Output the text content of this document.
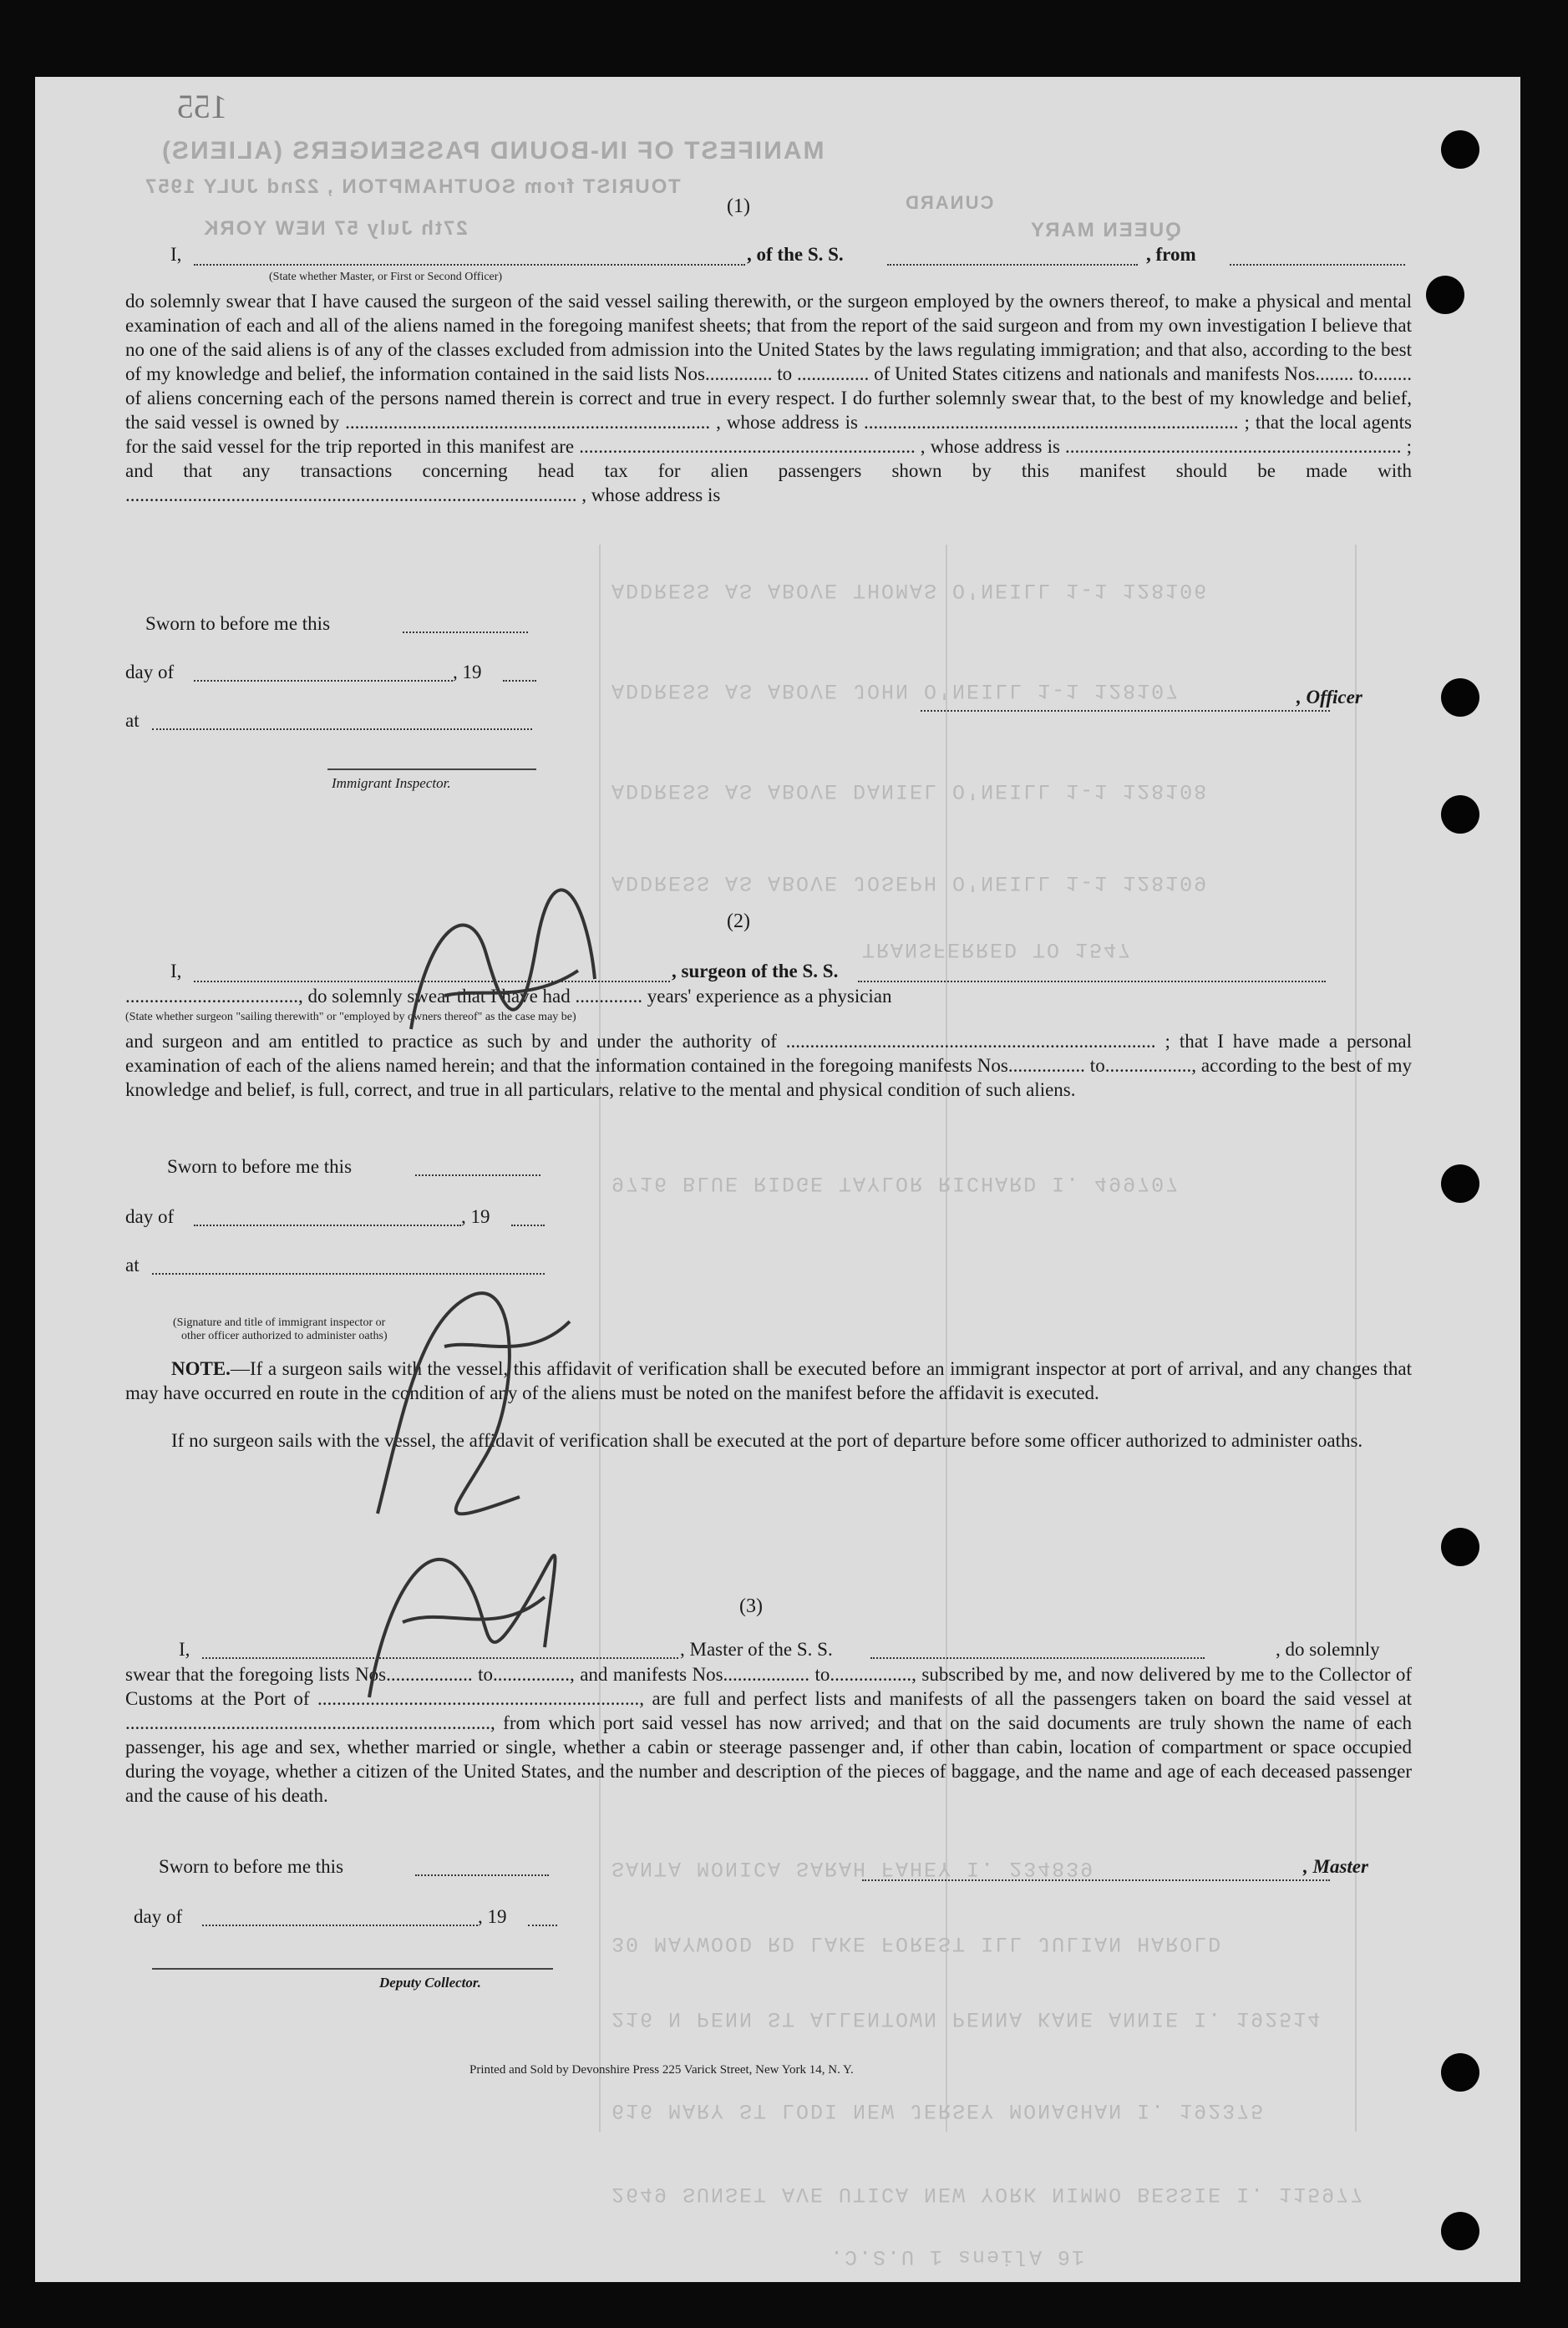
155
MANIFEST OF IN-BOUND PASSENGERS (ALIENS)
TOURIST from SOUTHAMPTON , 22nd JULY 1957
27th July 57 NEW YORK	QUEEN MARY
CUNARD
ADDRESS AS ABOVE THOMAS O'NEILL 1-1 128106
ADDRESS AS ABOVE JOHN O'NEILL 1-1 128107
ADDRESS AS ABOVE DANIEL O'NEILL 1-1 128108
ADDRESS AS ABOVE JOSEPH O'NEILL 1-1 128109
TRANSFERRED TO 1547
9716 BLUE RIDGE TAYLOR RICHARD I. 499707
SANTA MONICA SARAH FAHEY I. 234839
30 MAYWOOD RD LAKE FOREST ILL JULIAN HAROLD
216 N PENN ST ALLENTOWN PENNA KANE ANNIE I. 192514
616 MARY ST LODI NEW JERSEY MONAGHAN I. 192375
2649 SUNSET AVE UTICA NEW YORK NIMMO BESSIE I. 115977
(1)
I,	, of the S. S.	, from
(State whether Master, or First or Second Officer)
do solemnly swear that I have caused the surgeon of the said vessel sailing therewith, or the surgeon employed by the owners thereof, to make a physical and mental examination of each and all of the aliens named in the foregoing manifest sheets; that from the report of the said surgeon and from my own investigation I believe that no one of the said aliens is of any of the classes excluded from admission into the United States by the laws regulating immigration; and that also, according to the best of my knowledge and belief, the information contained in the said lists Nos.............. to ............... of United States citizens and nationals and manifests Nos........ to........ of aliens concerning each of the persons named therein is correct and true in every respect. I do further solemnly swear that, to the best of my knowledge and belief, the said vessel is owned by ............................................................................ , whose address is .............................................................................. ; that the local agents for the said vessel for the trip reported in this manifest are ...................................................................... , whose address is ...................................................................... ; and that any transactions concerning head tax for alien passengers shown by this manifest should be made with .............................................................................................. , whose address is
Sworn to before me this
day of	, 19
at
Immigrant Inspector.
, Officer
(2)
I,	, surgeon of the S. S.
...................................., do solemnly swear that I have had .............. years' experience as a physician
(State whether surgeon "sailing therewith" or "employed by owners thereof" as the case may be)
and surgeon and am entitled to practice as such by and under the authority of ............................................................................. ; that I have made a personal examination of each of the aliens named herein; and that the information contained in the foregoing manifests Nos................ to.................., according to the best of my knowledge and belief, is full, correct, and true in all particulars, relative to the mental and physical condition of such aliens.
Sworn to before me this
day of	, 19
at
(Signature and title of immigrant inspector or
other officer authorized to administer oaths)
NOTE.—If a surgeon sails with the vessel, this affidavit of verification shall be executed before an immigrant inspector at port of arrival, and any changes that may have occurred en route in the condition of any of the aliens must be noted on the manifest before the affidavit is executed.
If no surgeon sails with the vessel, the affidavit of verification shall be executed at the port of departure before some officer authorized to administer oaths.
(3)
I,	, Master of the S. S.	, do solemnly
swear that the foregoing lists Nos.................. to................, and manifests Nos.................. to................., subscribed by me, and now delivered by me to the Collector of Customs at the Port of ..................................................................., are full and perfect lists and manifests of all the passengers taken on board the said vessel at ............................................................................, from which port said vessel has now arrived; and that on the said documents are truly shown the name of each passenger, his age and sex, whether married or single, whether a cabin or steerage passenger and, if other than cabin, location of compartment or space occupied during the voyage, whether a citizen of the United States, and the number and description of the pieces of baggage, and the name and age of each deceased passenger and the cause of his death.
Sworn to before me this
day of	, 19
Deputy Collector.
, Master
Printed and Sold by Devonshire Press 225 Varick Street, New York 14, N. Y.
16 Aliens 1 U.S.C.
